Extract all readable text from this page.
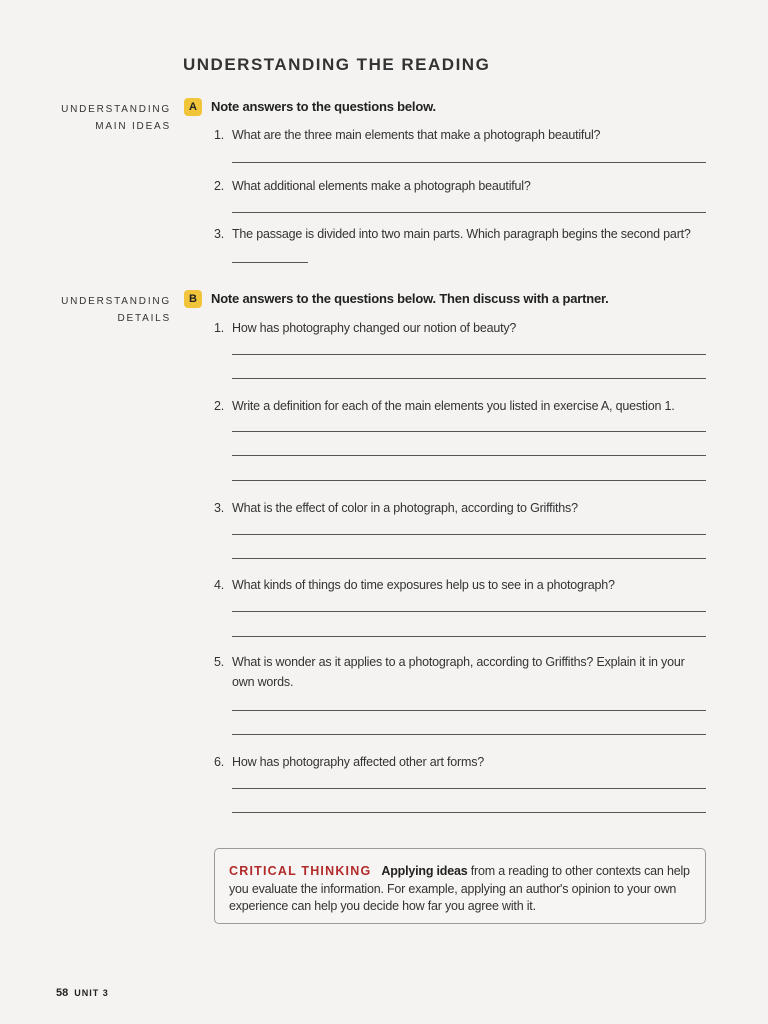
UNDERSTANDING THE READING
UNDERSTANDING
MAIN IDEAS
A	Note answers to the questions below.
1. What are the three main elements that make a photograph beautiful?
2. What additional elements make a photograph beautiful?
3. The passage is divided into two main parts. Which paragraph begins the second part?
UNDERSTANDING
DETAILS
B	Note answers to the questions below. Then discuss with a partner.
1. How has photography changed our notion of beauty?
2. Write a definition for each of the main elements you listed in exercise A, question 1.
3. What is the effect of color in a photograph, according to Griffiths?
4. What kinds of things do time exposures help us to see in a photograph?
5. What is wonder as it applies to a photograph, according to Griffiths? Explain it in your own words.
6. How has photography affected other art forms?
CRITICAL THINKING Applying ideas from a reading to other contexts can help you evaluate the information. For example, applying an author's opinion to your own experience can help you decide how far you agree with it.
58 UNIT 3
